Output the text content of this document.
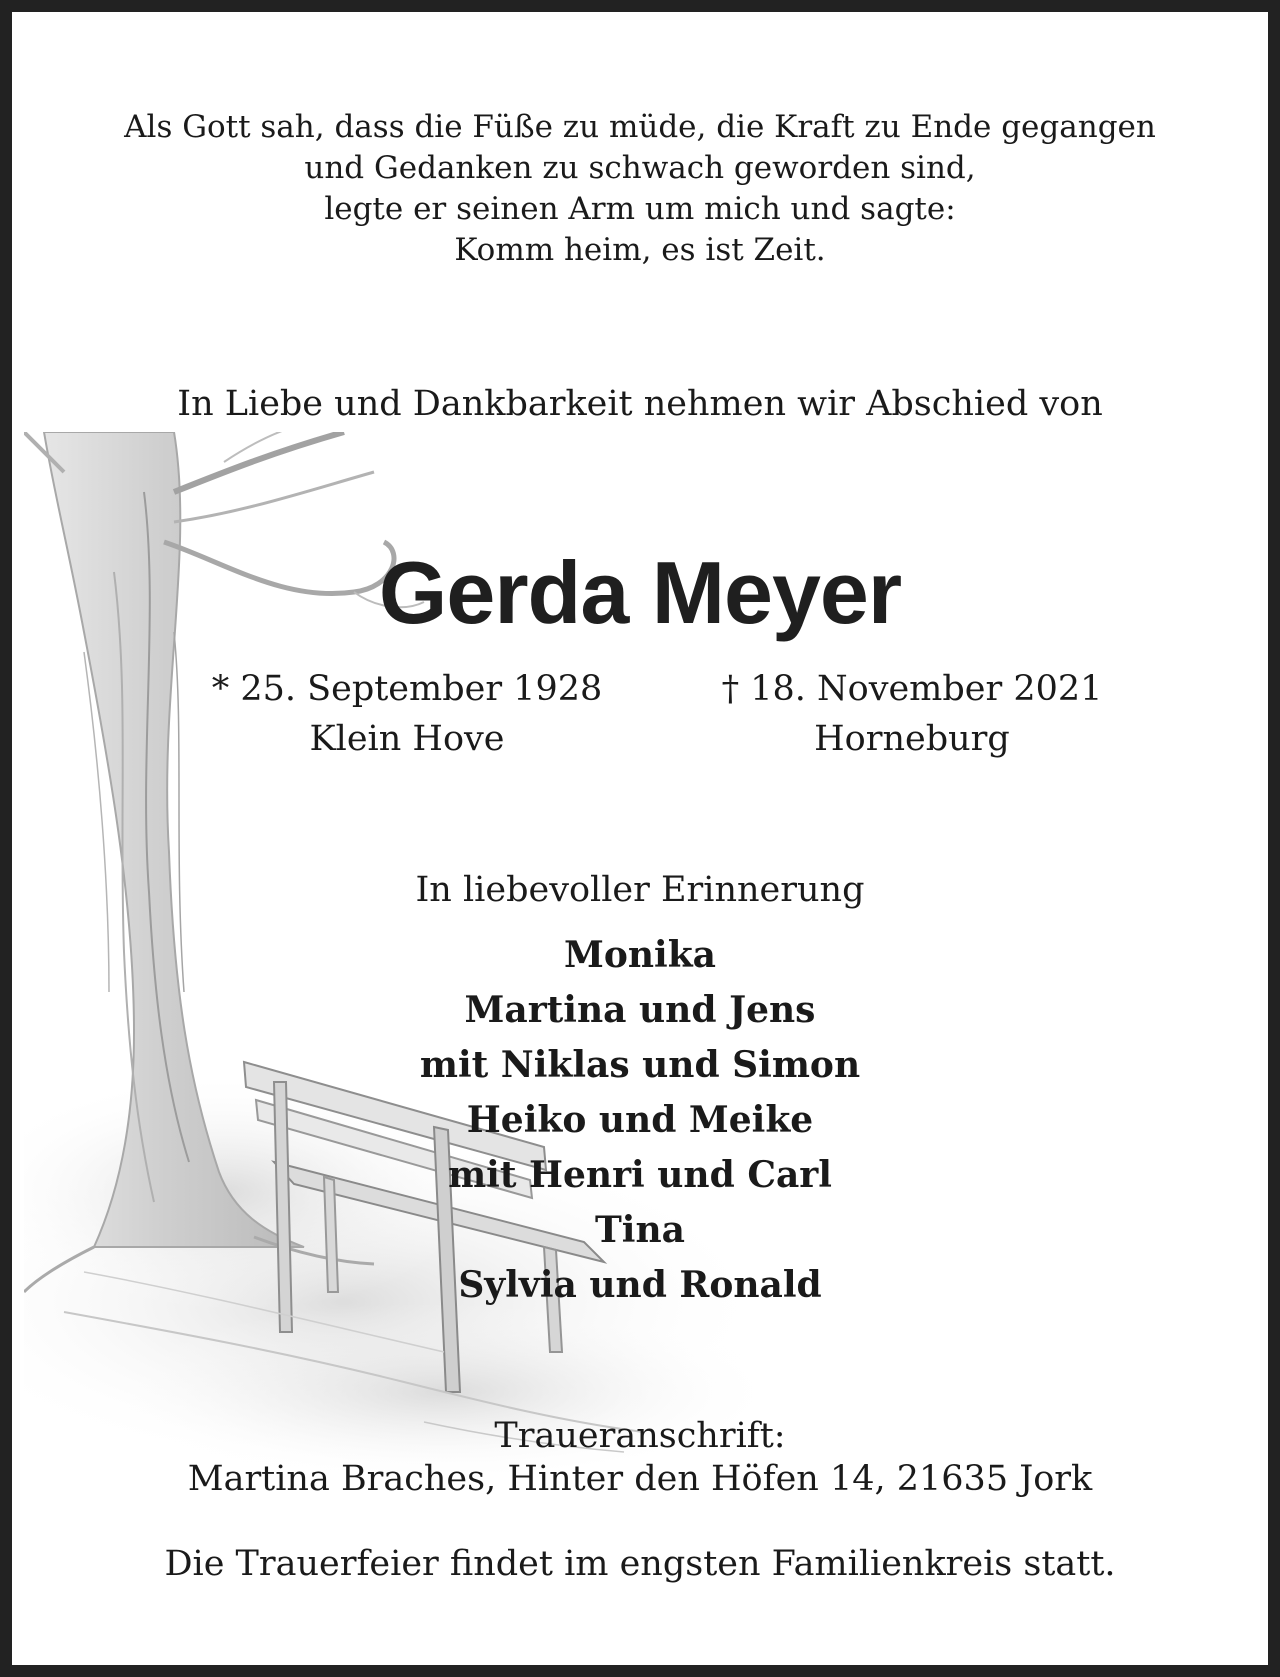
Als Gott sah, dass die Füße zu müde, die Kraft zu Ende gegangen

und Gedanken zu schwach geworden sind,

legte er seinen Arm um mich und sagte:

Komm heim, es ist Zeit.

In Liebe und Dankbarkeit nehmen wir Abschied von

Gerda Meyer

* 25. September 1928
Klein Hove
† 18. November 2021
Horneburg

In liebevoller Erinnerung

Monika

Martina und Jens

mit Niklas und Simon

Heiko und Meike

mit Henri und Carl

Tina

Sylvia und Ronald

Traueranschrift:

Martina Braches, Hinter den Höfen 14, 21635 Jork

Die Trauerfeier findet im engsten Familienkreis statt.
